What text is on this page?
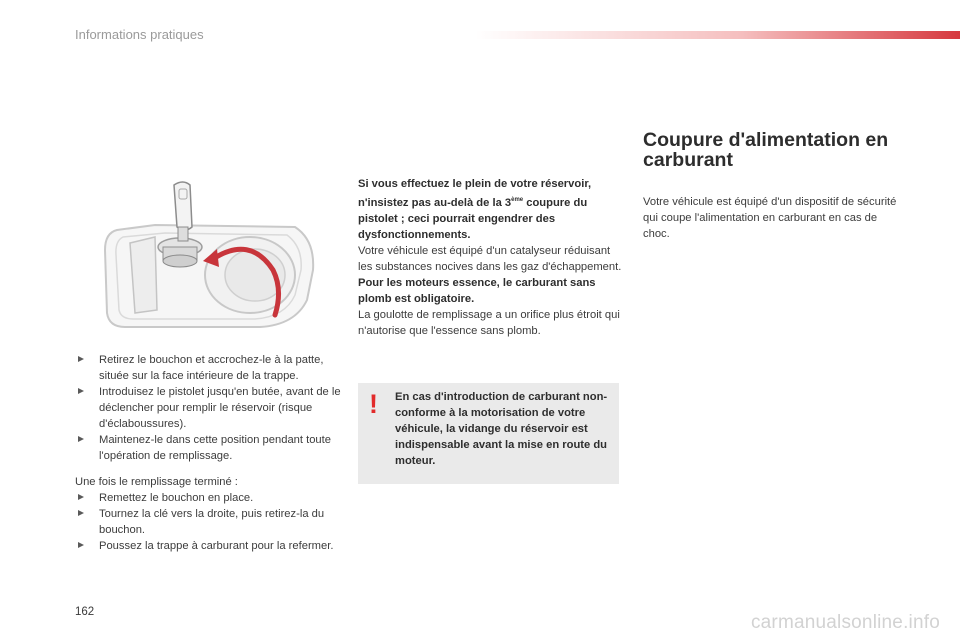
Informations pratiques
Retirez le bouchon et accrochez-le à la patte, située sur la face intérieure de la trappe.
Introduisez le pistolet jusqu'en butée, avant de le déclencher pour remplir le réservoir (risque d'éclaboussures).
Maintenez-le dans cette position pendant toute l'opération de remplissage.
Une fois le remplissage terminé :
Remettez le bouchon en place.
Tournez la clé vers la droite, puis retirez-la du bouchon.
Poussez la trappe à carburant pour la refermer.
Si vous effectuez le plein de votre réservoir, n'insistez pas au-delà de la 3ème coupure du pistolet ; ceci pourrait engendrer des dysfonctionnements.
Votre véhicule est équipé d'un catalyseur réduisant les substances nocives dans les gaz d'échappement.
Pour les moteurs essence, le carburant sans plomb est obligatoire.
La goulotte de remplissage a un orifice plus étroit qui n'autorise que l'essence sans plomb.
! En cas d'introduction de carburant non-conforme à la motorisation de votre véhicule, la vidange du réservoir est indispensable avant la mise en route du moteur.
Coupure d'alimentation en carburant
Votre véhicule est équipé d'un dispositif de sécurité qui coupe l'alimentation en carburant en cas de choc.
162	carmanualsonline.info
